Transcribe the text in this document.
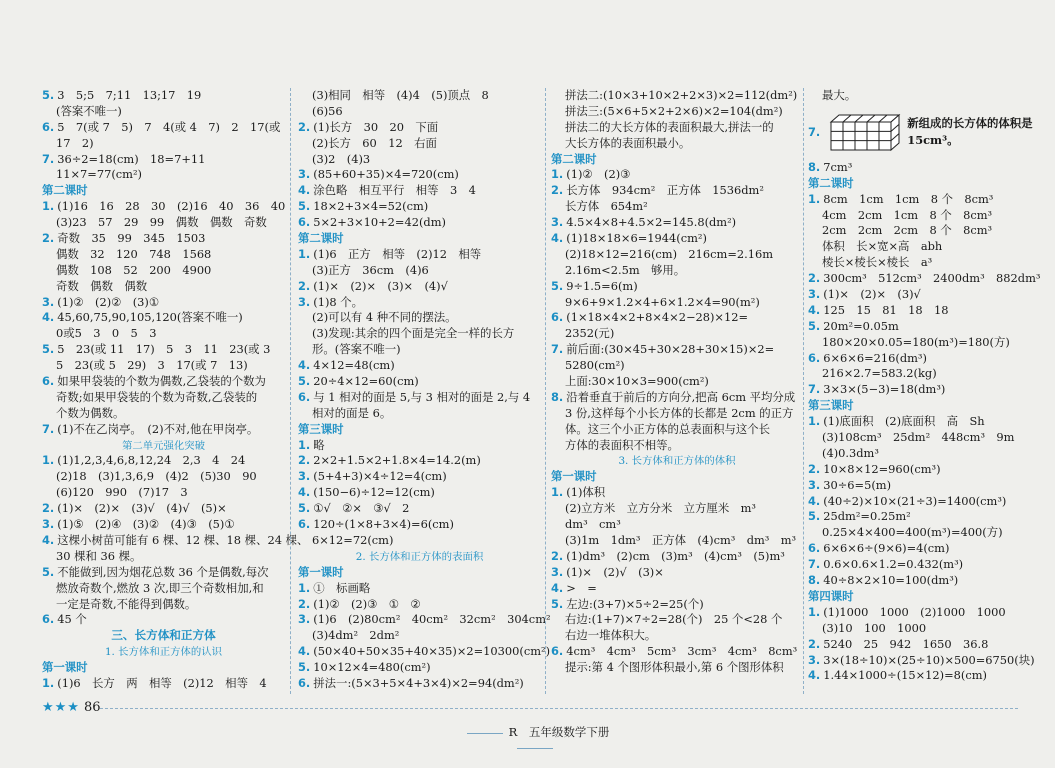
5. 3　5;5　7;11　13;17　19
(答案不唯一)
6. 5　7(或 7　5)　7　4(或 4　7)　2　17(或
17　2)
7. 36÷2=18(cm)　18=7+11
11×7=77(cm²)
第二课时
1. (1)16　16　28　30　(2)16　40　36　40
(3)23　57　29　99　偶数　偶数　奇数
2. 奇数　35　99　345　1503
偶数　32　120　748　1568
偶数　108　52　200　4900
奇数　偶数　偶数
3. (1)②　(2)②　(3)①
4. 45,60,75,90,105,120(答案不唯一)
0或5　3　0　5　3
5. 5　23(或 11　17)　5　3　11　23(或 3
5　23(或 5　29)　3　17(或 7　13)
6. 如果甲袋装的个数为偶数,乙袋装的个数为
奇数;如果甲袋装的个数为奇数,乙袋装的
个数为偶数。
7. (1)不在乙岗亭。　(2)不对,他在甲岗亭。
第二单元强化突破
1. (1)1,2,3,4,6,8,12,24　2,3　4　24
(2)18　(3)1,3,6,9　(4)2　(5)30　90
(6)120　990　(7)17　3
2. (1)×　(2)×　(3)√　(4)√　(5)×
3. (1)⑤　(2)④　(3)②　(4)③　(5)①
4. 这棵小树苗可能有 6 棵、12 棵、18 棵、24 棵、
30 棵和 36 棵。
5. 不能做到,因为烟花总数 36 个是偶数,每次
燃放奇数个,燃放 3 次,即三个奇数相加,和
一定是奇数,不能得到偶数。
6. 45 个
三、长方体和正方体
1. 长方体和正方体的认识
第一课时
1. (1)6　长方　两　相等　(2)12　相等　4
(3)相同　相等　(4)4　(5)顶点　8
(6)56
2. (1)长方　30　20　下面
(2)长方　60　12　右面
(3)2　(4)3
3. (85+60+35)×4=720(cm)
4. 涂色略　相互平行　相等　3　4
5. 18×2+3×4=52(cm)
6. 5×2+3×10+2=42(dm)
第二课时
1. (1)6　正方　相等　(2)12　相等
(3)正方　36cm　(4)6
2. (1)×　(2)×　(3)×　(4)√
3. (1)8 个。
(2)可以有 4 种不同的摆法。
(3)发现:其余的四个面是完全一样的长方
形。(答案不唯一)
4. 4×12=48(cm)
5. 20÷4×12=60(cm)
6. 与 1 相对的面是 5,与 3 相对的面是 2,与 4
相对的面是 6。
第三课时
1. 略
2. 2×2+1.5×2+1.8×4=14.2(m)
3. (5+4+3)×4÷12=4(cm)
4. (150−6)÷12=12(cm)
5. ①√　②×　③√　2
6. 120÷(1×8+3×4)=6(cm)
6×12=72(cm)
2. 长方体和正方体的表面积
第一课时
1. ①　标画略
2. (1)②　(2)③　①　②
3. (1)6　(2)80cm²　40cm²　32cm²　304cm²
(3)4dm²　2dm²
4. (50×40+50×35+40×35)×2=10300(cm²)
5. 10×12×4=480(cm²)
6. 拼法一:(5×3+5×4+3×4)×2=94(dm²)
拼法二:(10×3+10×2+2×3)×2=112(dm²)
拼法三:(5×6+5×2+2×6)×2=104(dm²)
拼法二的大长方体的表面积最大,拼法一的
大长方体的表面积最小。
第二课时
1. (1)②　(2)③
2. 长方体　934cm²　正方体　1536dm²
长方体　654m²
3. 4.5×4×8+4.5×2=145.8(dm²)
4. (1)18×18×6=1944(cm²)
(2)18×12=216(cm)　216cm=2.16m
2.16m<2.5m　够用。
5. 9÷1.5=6(m)
9×6+9×1.2×4+6×1.2×4=90(m²)
6. (1×18×4×2+8×4×2−28)×12=
2352(元)
7. 前后面:(30×45+30×28+30×15)×2=
5280(cm²)
上面:30×10×3=900(cm²)
8. 沿着垂直于前后的方向分,把高 6cm 平均分成
3 份,这样每个小长方体的长都是 2cm 的正方
体。这三个小正方体的总表面积与这个长
方体的表面积不相等。
3. 长方体和正方体的体积
第一课时
1. (1)体积
(2)立方米　立方分米　立方厘米　m³
dm³　cm³
(3)1m　1dm³　正方体　(4)cm³　dm³　m³
2. (1)dm³　(2)cm　(3)m³　(4)cm³　(5)m³
3. (1)×　(2)√　(3)×
4. >　=
5. 左边:(3+7)×5÷2=25(个)
右边:(1+7)×7÷2=28(个)　25 个<28 个
右边一堆体积大。
6. 4cm³　4cm³　5cm³　3cm³　4cm³　8cm³
提示:第 4 个图形体积最小,第 6 个图形体积
最大。
7.
新组成的长方体的体积是
15cm³。
8. 7cm³
第二课时
1. 8cm　1cm　1cm　8 个　8cm³
4cm　2cm　1cm　8 个　8cm³
2cm　2cm　2cm　8 个　8cm³
体积　长×宽×高　abh
棱长×棱长×棱长　a³
2. 300cm³　512cm³　2400dm³　882dm³
3. (1)×　(2)×　(3)√
4. 125　15　81　18　18
5. 20m²=0.05m
180×20×0.05=180(m³)=180(方)
6. 6×6×6=216(dm³)
216×2.7=583.2(kg)
7. 3×3×(5−3)=18(dm³)
第三课时
1. (1)底面积　(2)底面积　高　Sh
(3)108cm³　25dm²　448cm³　9m
(4)0.3dm³
2. 10×8×12=960(cm³)
3. 30÷6=5(m)
4. (40÷2)×10×(21÷3)=1400(cm³)
5. 25dm²=0.25m²
0.25×4×400=400(m³)=400(方)
6. 6×6×6÷(9×6)=4(cm)
7. 0.6×0.6×1.2=0.432(m³)
8. 40÷8×2×10=100(dm³)
第四课时
1. (1)1000　1000　(2)1000　1000
(3)10　100　1000
2. 5240　25　942　1650　36.8
3. 3×(18÷10)×(25÷10)×500=6750(块)
4. 1.44×1000÷(15×12)=8(cm)
★★★ 86
R　五年级数学下册
